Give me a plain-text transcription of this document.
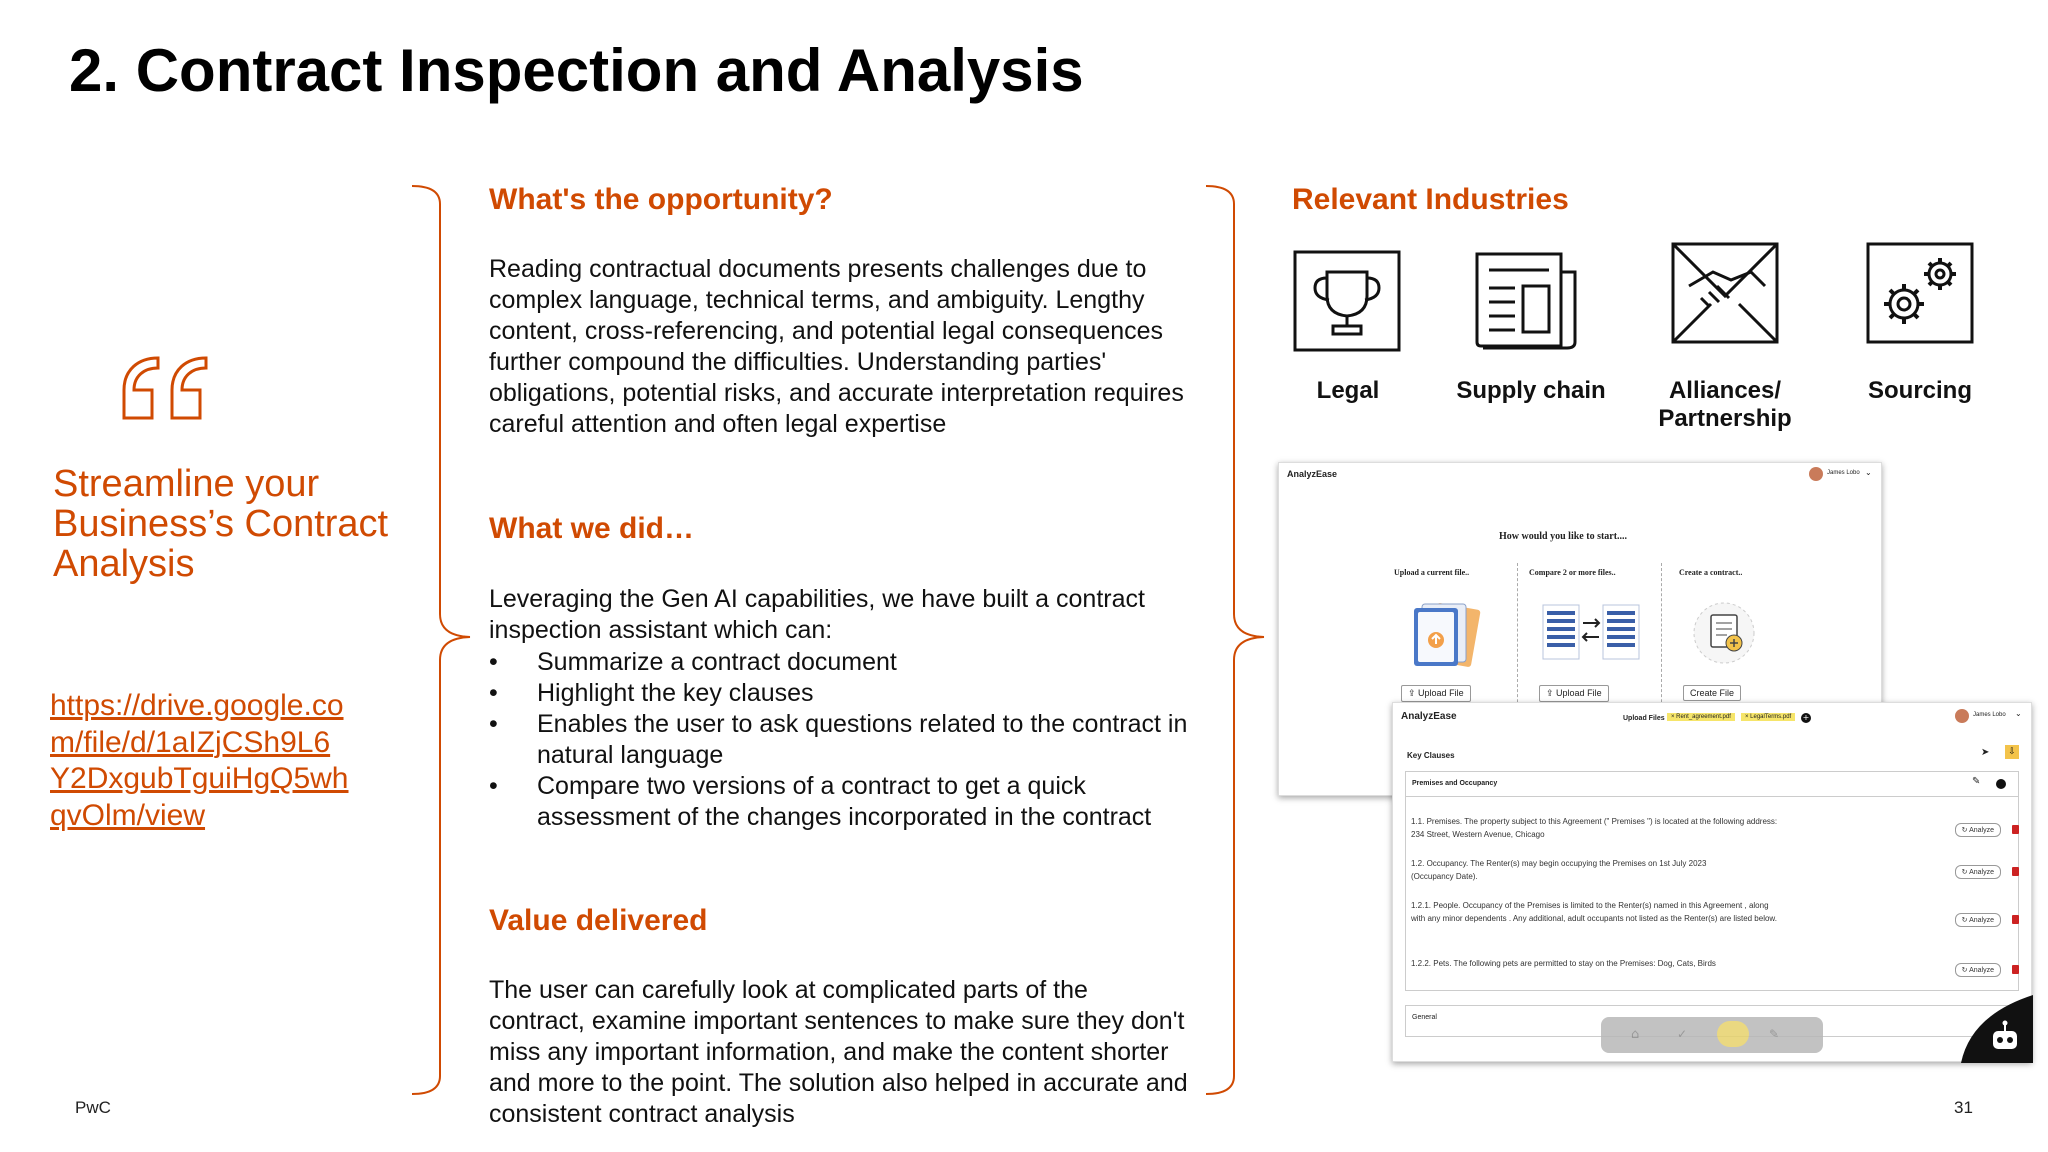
2. Contract Inspection and Analysis
Streamline your Business’s Contract Analysis
https://drive.google.com/file/d/1aIZjCSh9L6Y2DxgubTguiHgQ5whqvOlm/view
What's the opportunity?
Reading contractual documents presents challenges due to complex language, technical terms, and ambiguity. Lengthy content, cross-referencing, and potential legal consequences further compound the difficulties. Understanding parties' obligations, potential risks, and accurate interpretation requires careful attention and often legal expertise
What we did…
Leveraging the Gen AI capabilities, we have built a contract inspection assistant which can:
• Summarize a contract document
• Highlight the key clauses
• Enables the user to ask questions related to the contract in natural language
• Compare two versions of a contract to get a quick assessment of the changes incorporated in the contract
Value delivered
The user can carefully look at complicated parts of the contract, examine important sentences to make sure they don't miss any important information, and make the content shorter and more to the point. The solution also helped in accurate and consistent contract analysis
Relevant Industries
Legal	Supply chain	Alliances/ Partnership
Sourcing
AnalyzEase	James Lobo ⌄
How would you like to start....
Upload a current file..	Compare 2 or more files..	Create a contract..
⇪ Upload File	⇪ Upload File	Create File
AnalyzEase	Upload Files	× Rent_agreement.pdf	× LegalTerms.pdf	+	James Lobo ⌄
Key Clauses	➤	⇩
Premises and Occupancy	✎
1.1. Premises. The property subject to this Agreement (" Premises ") is located at the following address: 234 Street, Western Avenue, Chicago	↻ Analyze
1.2. Occupancy. The Renter(s) may begin occupying the Premises on 1st July 2023 (Occupancy Date).	↻ Analyze
1.2.1. People. Occupancy of the Premises is limited to the Renter(s) named in this Agreement , along with any minor dependents . Any additional, adult occupants not listed as the Renter(s) are listed below.	↻ Analyze
1.2.2. Pets. The following pets are permitted to stay on the Premises: Dog, Cats, Birds
↻ Analyze
General
⌂	✓	✎
PwC	31
